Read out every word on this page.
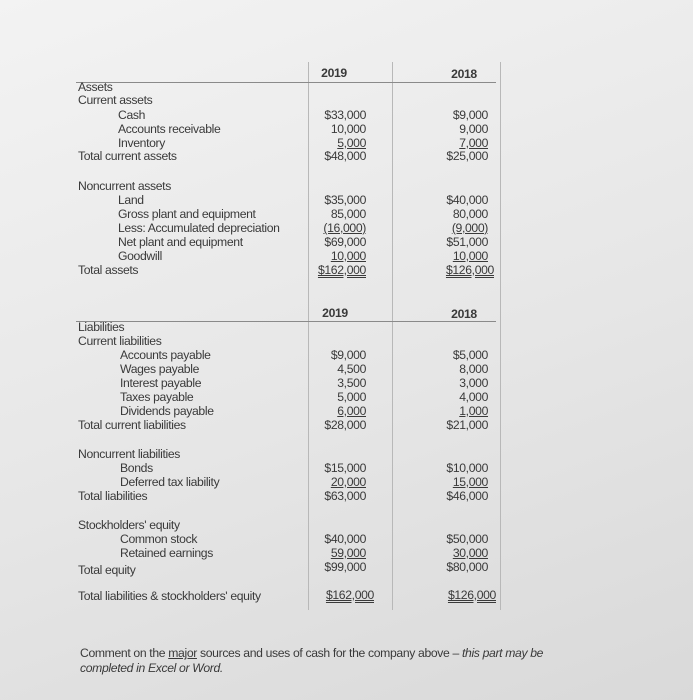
2019	2018
Assets
Current assets
Cash	$33,000	$9,000
Accounts receivable	10,000	9,000
Inventory	5,000	7,000
Total current assets	$48,000	$25,000
Noncurrent assets
Land	$35,000	$40,000
Gross plant and equipment	85,000	80,000
Less: Accumulated depreciation	(16,000)	(9,000)
Net plant and equipment	$69,000	$51,000
Goodwill	10,000	10,000
Total assets	$162,000	$126,000
2019	2018
Liabilities
Current liabilities
Accounts payable	$9,000	$5,000
Wages payable	4,500	8,000
Interest payable	3,500	3,000
Taxes payable	5,000	4,000
Dividends payable	6,000	1,000
Total current liabilities	$28,000	$21,000
Noncurrent liabilities
Bonds	$15,000	$10,000
Deferred tax liability	20,000	15,000
Total liabilities	$63,000	$46,000
Stockholders' equity
Common stock	$40,000	$50,000
Retained earnings	59,000	30,000
Total equity	$99,000	$80,000
Total liabilities & stockholders' equity	$162,000	$126,000
Comment on the major sources and uses of cash for the company above – this part may be
completed in Excel or Word.
